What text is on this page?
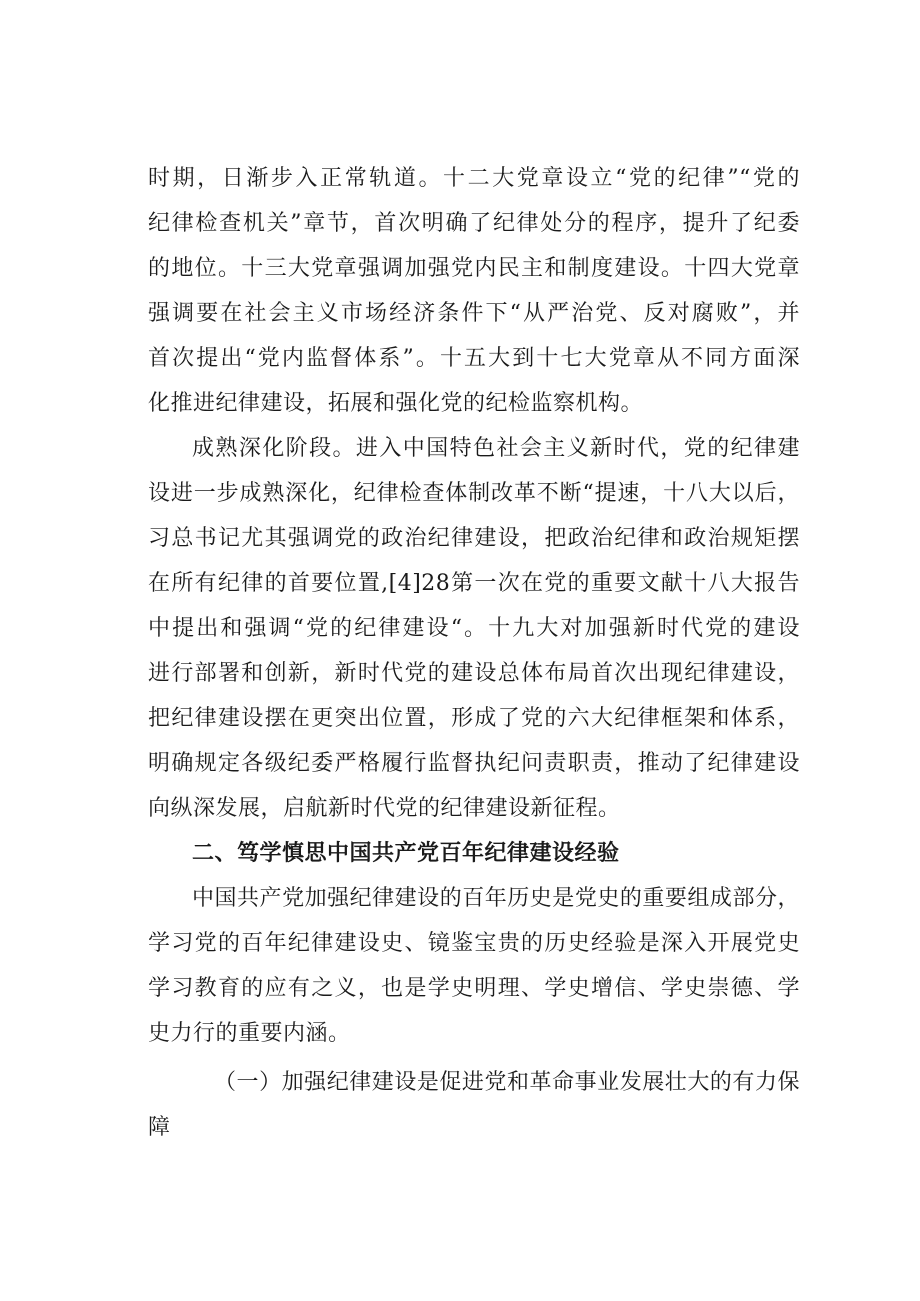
时期，日渐步入正常轨道。十二大党章设立“党的纪律”“党的
纪律检查机关”章节，首次明确了纪律处分的程序，提升了纪委
的地位。十三大党章强调加强党内民主和制度建设。十四大党章
强调要在社会主义市场经济条件下“从严治党、反对腐败”，并
首次提出“党内监督体系”。十五大到十七大党章从不同方面深
化推进纪律建设，拓展和强化党的纪检监察机构。
成熟深化阶段。进入中国特色社会主义新时代，党的纪律建
设进一步成熟深化，纪律检查体制改革不断“提速，十八大以后，
习总书记尤其强调党的政治纪律建设，把政治纪律和政治规矩摆
在所有纪律的首要位置,[4]28第一次在党的重要文献十八大报告
中提出和强调“党的纪律建设“。十九大对加强新时代党的建设
进行部署和创新，新时代党的建设总体布局首次出现纪律建设，
把纪律建设摆在更突出位置，形成了党的六大纪律框架和体系，
明确规定各级纪委严格履行监督执纪问责职责，推动了纪律建设
向纵深发展，启航新时代党的纪律建设新征程。
二、笃学慎思中国共产党百年纪律建设经验
中国共产党加强纪律建设的百年历史是党史的重要组成部分，
学习党的百年纪律建设史、镜鉴宝贵的历史经验是深入开展党史
学习教育的应有之义，也是学史明理、学史增信、学史崇德、学
史力行的重要内涵。
（一）加强纪律建设是促进党和革命事业发展壮大的有力保
障
